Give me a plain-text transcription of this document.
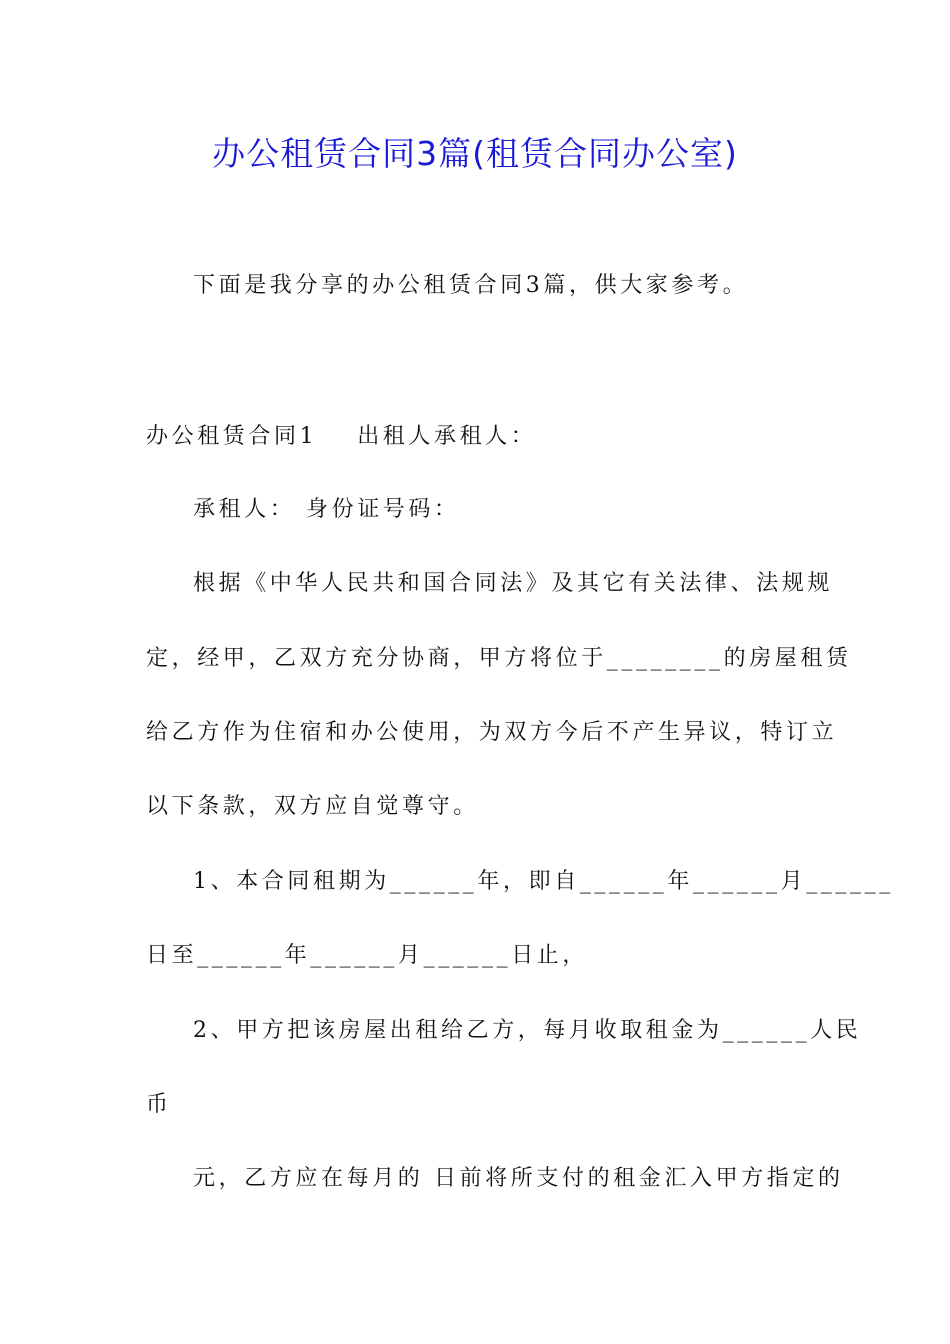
办公租赁合同3篇(租赁合同办公室)
下面是我分享的办公租赁合同3篇，供大家参考。
办公租赁合同1 出租人承租人：
承租人： 身份证号码：
根据《中华人民共和国合同法》及其它有关法律、法规规
定，经甲，乙双方充分协商，甲方将位于________的房屋租赁
给乙方作为住宿和办公使用，为双方今后不产生异议，特订立
以下条款，双方应自觉尊守。
1、本合同租期为______年，即自______年______月______
日至______年______月______日止，
2、甲方把该房屋出租给乙方，每月收取租金为______人民
币
元，乙方应在每月的 日前将所支付的租金汇入甲方指定的
